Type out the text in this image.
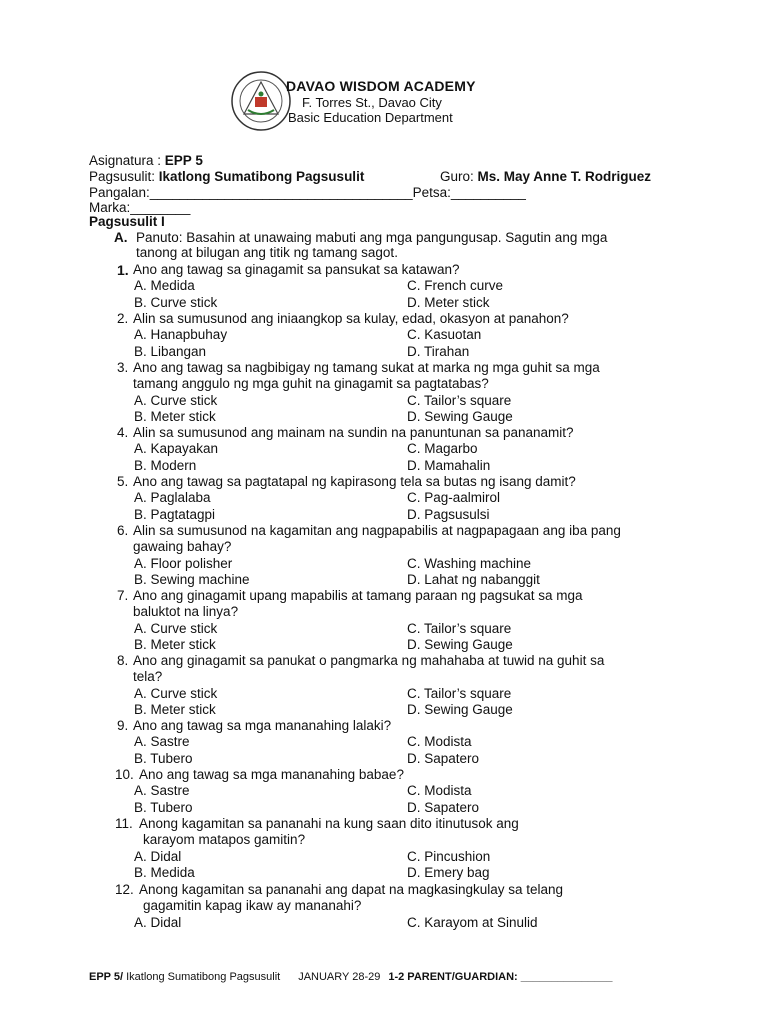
DAVAO WISDOM ACADEMY
F. Torres St., Davao City
Basic Education Department
Asignatura : EPP 5
Pagsusulit: Ikatlong Sumatibong Pagsusulit	Guro: Ms. May Anne T. Rodriguez
Pangalan:___________________________________Petsa:__________
Marka:________
Pagsusulit I
A. Panuto: Basahin at unawaing mabuti ang mga pangungusap. Sagutin ang mga
tanong at bilugan ang titik ng tamang sagot.
1. Ano ang tawag sa ginagamit sa pansukat sa katawan?
A. Medida	C. French curve
B. Curve stick	D. Meter stick
2. Alin sa sumusunod ang iniaangkop sa kulay, edad, okasyon at panahon?
A. Hanapbuhay	C. Kasuotan
B. Libangan	D. Tirahan
3. Ano ang tawag sa nagbibigay ng tamang sukat at marka ng mga guhit sa mga
tamang anggulo ng mga guhit na ginagamit sa pagtatabas?
A. Curve stick	C. Tailor’s square
B. Meter stick	D. Sewing Gauge
4. Alin sa sumusunod ang mainam na sundin na panuntunan sa pananamit?
A. Kapayakan	C. Magarbo
B. Modern	D. Mamahalin
5. Ano ang tawag sa pagtatapal ng kapirasong tela sa butas ng isang damit?
A. Paglalaba	C. Pag-aalmirol
B. Pagtatagpi	D. Pagsusulsi
6. Alin sa sumusunod na kagamitan ang nagpapabilis at nagpapagaan ang iba pang
gawaing bahay?
A. Floor polisher	C. Washing machine
B. Sewing machine	D. Lahat ng nabanggit
7. Ano ang ginagamit upang mapabilis at tamang paraan ng pagsukat sa mga
baluktot na linya?
A. Curve stick	C. Tailor’s square
B. Meter stick	D. Sewing Gauge
8. Ano ang ginagamit sa panukat o pangmarka ng mahahaba at tuwid na guhit sa
tela?
A. Curve stick	C. Tailor’s square
B. Meter stick	D. Sewing Gauge
9. Ano ang tawag sa mga mananahing lalaki?
A. Sastre	C. Modista
B. Tubero	D. Sapatero
10. Ano ang tawag sa mga mananahing babae?
A. Sastre	C. Modista
B. Tubero	D. Sapatero
11. Anong kagamitan sa pananahi na kung saan dito itinutusok ang
karayom matapos gamitin?
A. Didal	C. Pincushion
B. Medida	D. Emery bag
12. Anong kagamitan sa pananahi ang dapat na magkasingkulay sa telang
gagamitin kapag ikaw ay mananahi?
A. Didal	C. Karayom at Sinulid
EPP 5/ Ikatlong Sumatibong Pagsusulit JANUARY 28-29 1-2 PARENT/GUARDIAN: _______________
